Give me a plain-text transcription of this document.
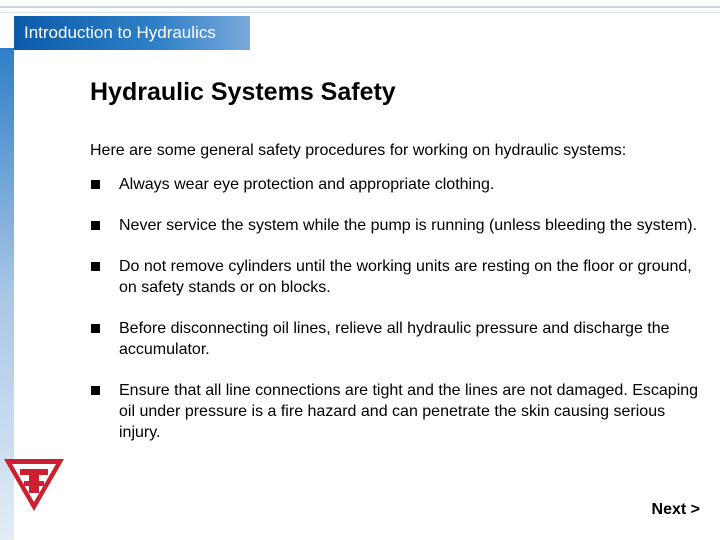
Introduction to Hydraulics
Hydraulic Systems Safety

Here are some general safety procedures for working on hydraulic systems:

Always wear eye protection and appropriate clothing.
Never service the system while the pump is running (unless bleeding the system).
Do not remove cylinders until the working units are resting on the floor or ground, on safety stands or on blocks.
Before disconnecting oil lines, relieve all hydraulic pressure and discharge the accumulator.
Ensure that all line connections are tight and the lines are not damaged. Escaping oil under pressure is a fire hazard and can penetrate the skin causing serious injury.
Next >
